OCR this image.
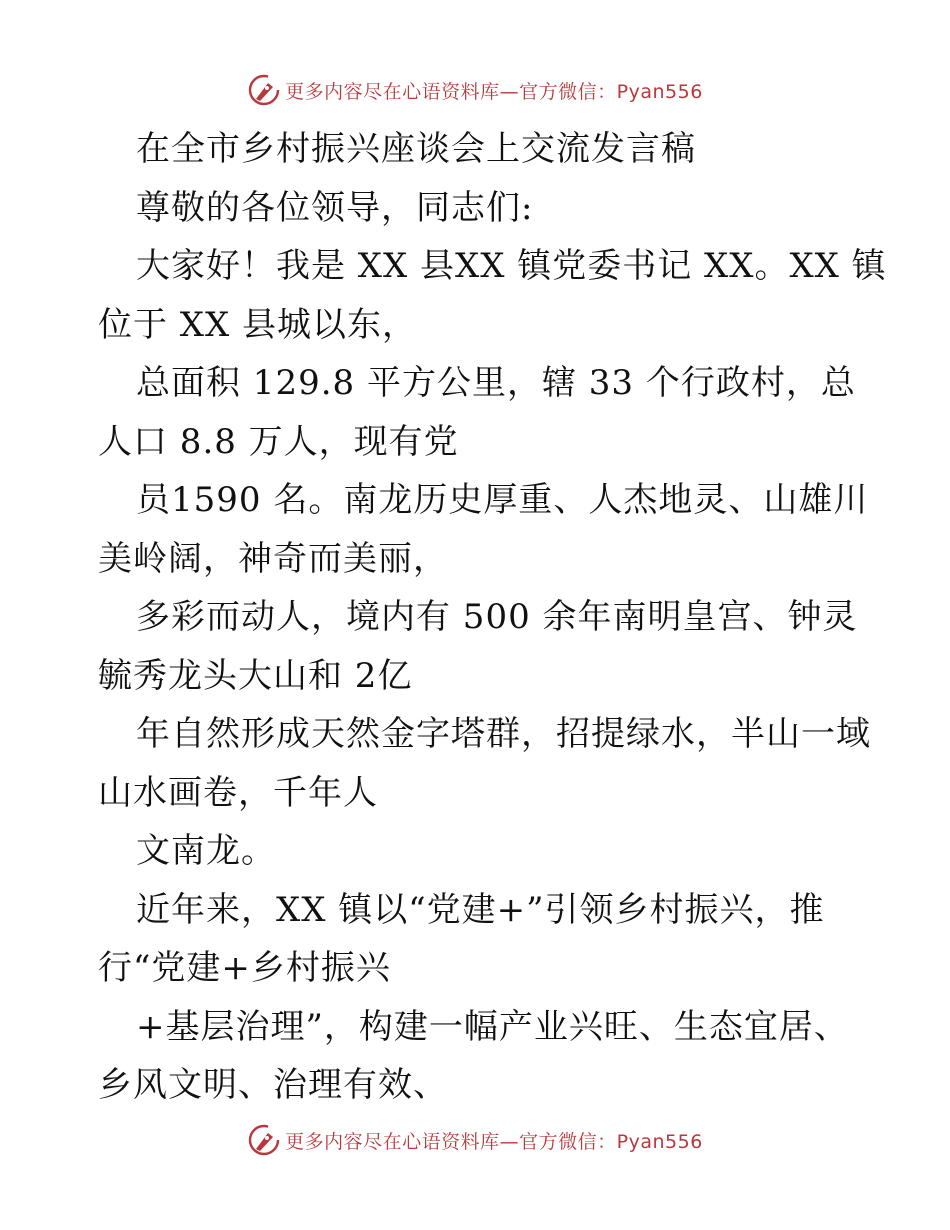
更多内容尽在心语资料库—官方微信：Pyan556
在全市乡村振兴座谈会上交流发言稿
尊敬的各位领导，同志们:
大家好！我是 XX 县XX 镇党委书记 XX。XX 镇
位于 XX 县城以东，
总面积 129.8 平方公里，辖 33 个行政村，总
人口 8.8 万人，现有党
员1590 名。南龙历史厚重、人杰地灵、山雄川
美岭阔，神奇而美丽，
多彩而动人，境内有 500 余年南明皇宫、钟灵
毓秀龙头大山和 2亿
年自然形成天然金字塔群，招提绿水，半山一域
山水画卷，千年人
文南龙。
近年来，XX 镇以“党建+”引领乡村振兴，推
行“党建+乡村振兴
+基层治理”，构建一幅产业兴旺、生态宜居、
乡风文明、治理有效、
更多内容尽在心语资料库—官方微信：Pyan556
